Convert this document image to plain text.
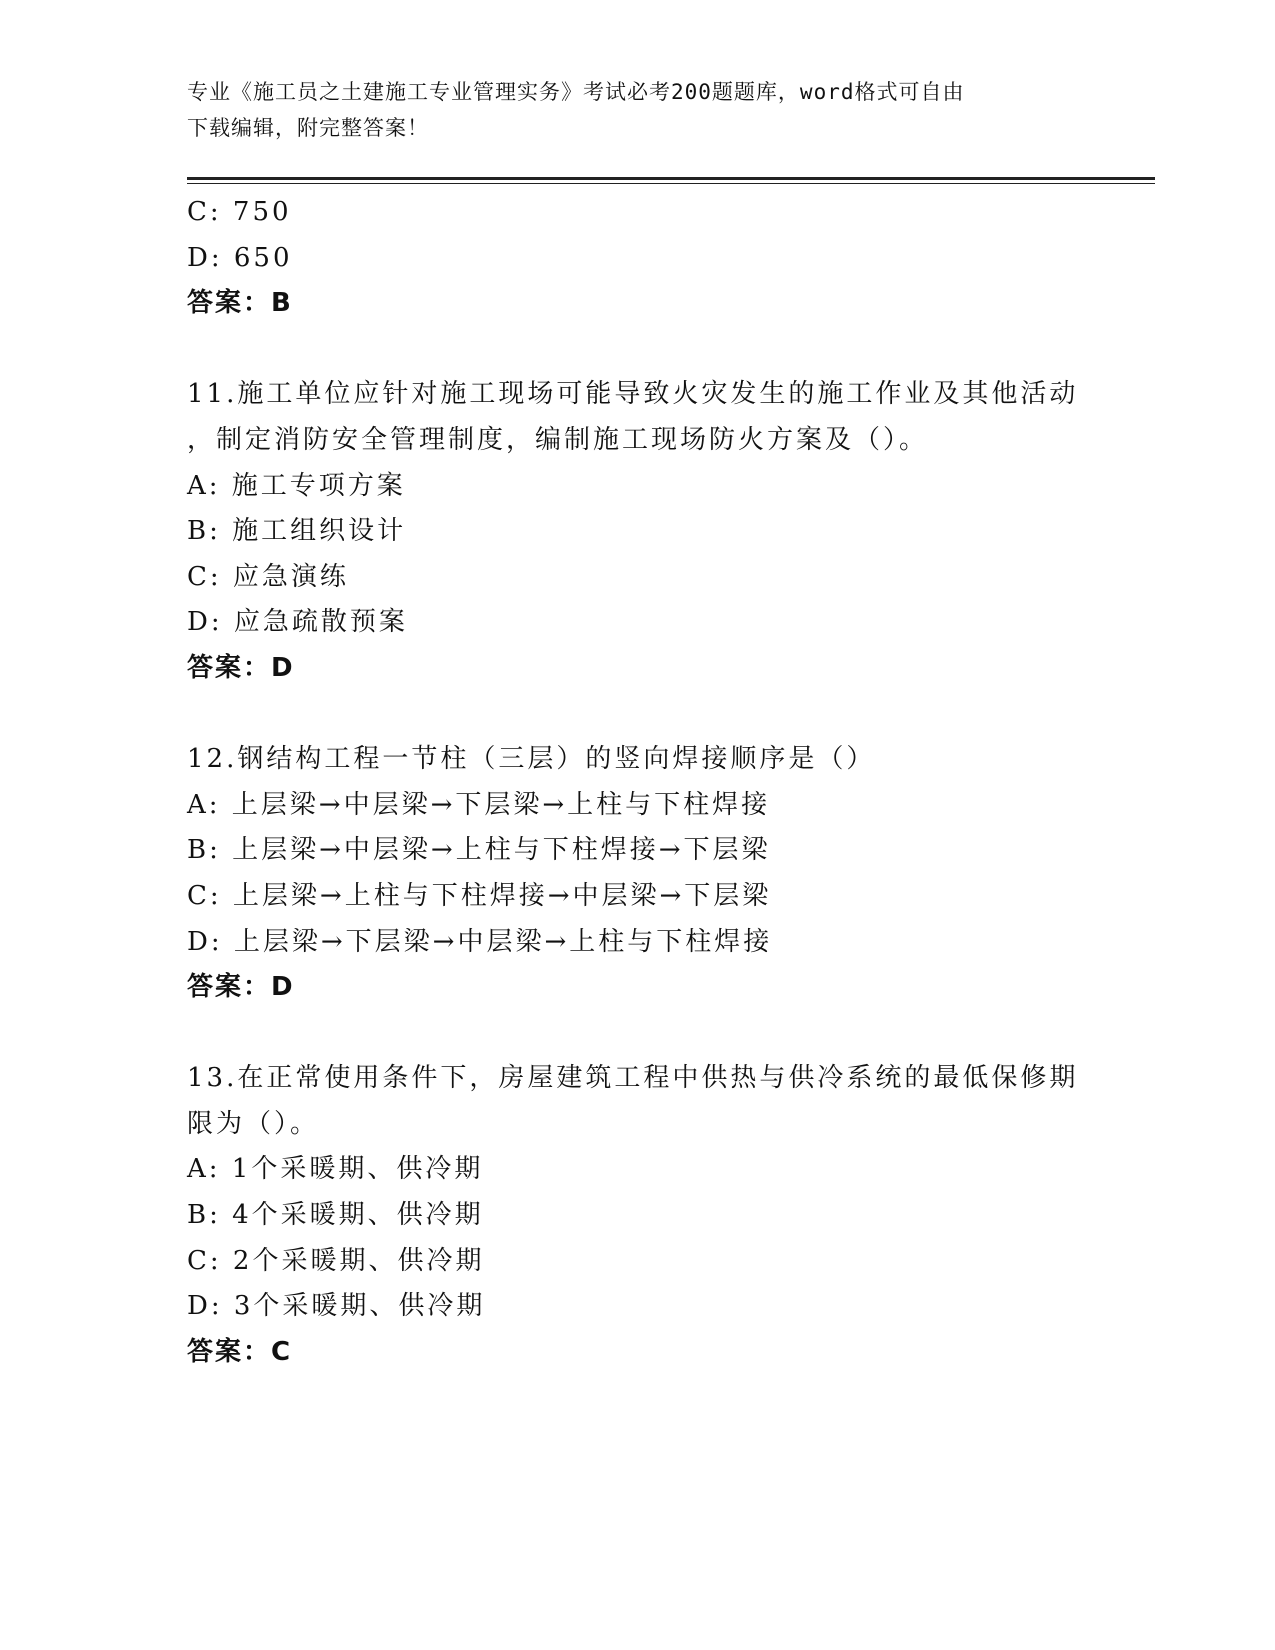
专业《施工员之土建施工专业管理实务》考试必考200题题库，word格式可自由
下载编辑，附完整答案！
C: 750
D: 650
答案：B
11.施工单位应针对施工现场可能导致火灾发生的施工作业及其他活动
，制定消防安全管理制度，编制施工现场防火方案及（）。
A: 施工专项方案
B: 施工组织设计
C: 应急演练
D: 应急疏散预案
答案：D
12.钢结构工程一节柱（三层）的竖向焊接顺序是（）
A: 上层梁→中层梁→下层梁→上柱与下柱焊接
B: 上层梁→中层梁→上柱与下柱焊接→下层梁
C: 上层梁→上柱与下柱焊接→中层梁→下层梁
D: 上层梁→下层梁→中层梁→上柱与下柱焊接
答案：D
13.在正常使用条件下，房屋建筑工程中供热与供冷系统的最低保修期
限为（）。
A: 1个采暖期、供冷期
B: 4个采暖期、供冷期
C: 2个采暖期、供冷期
D: 3个采暖期、供冷期
答案：C
